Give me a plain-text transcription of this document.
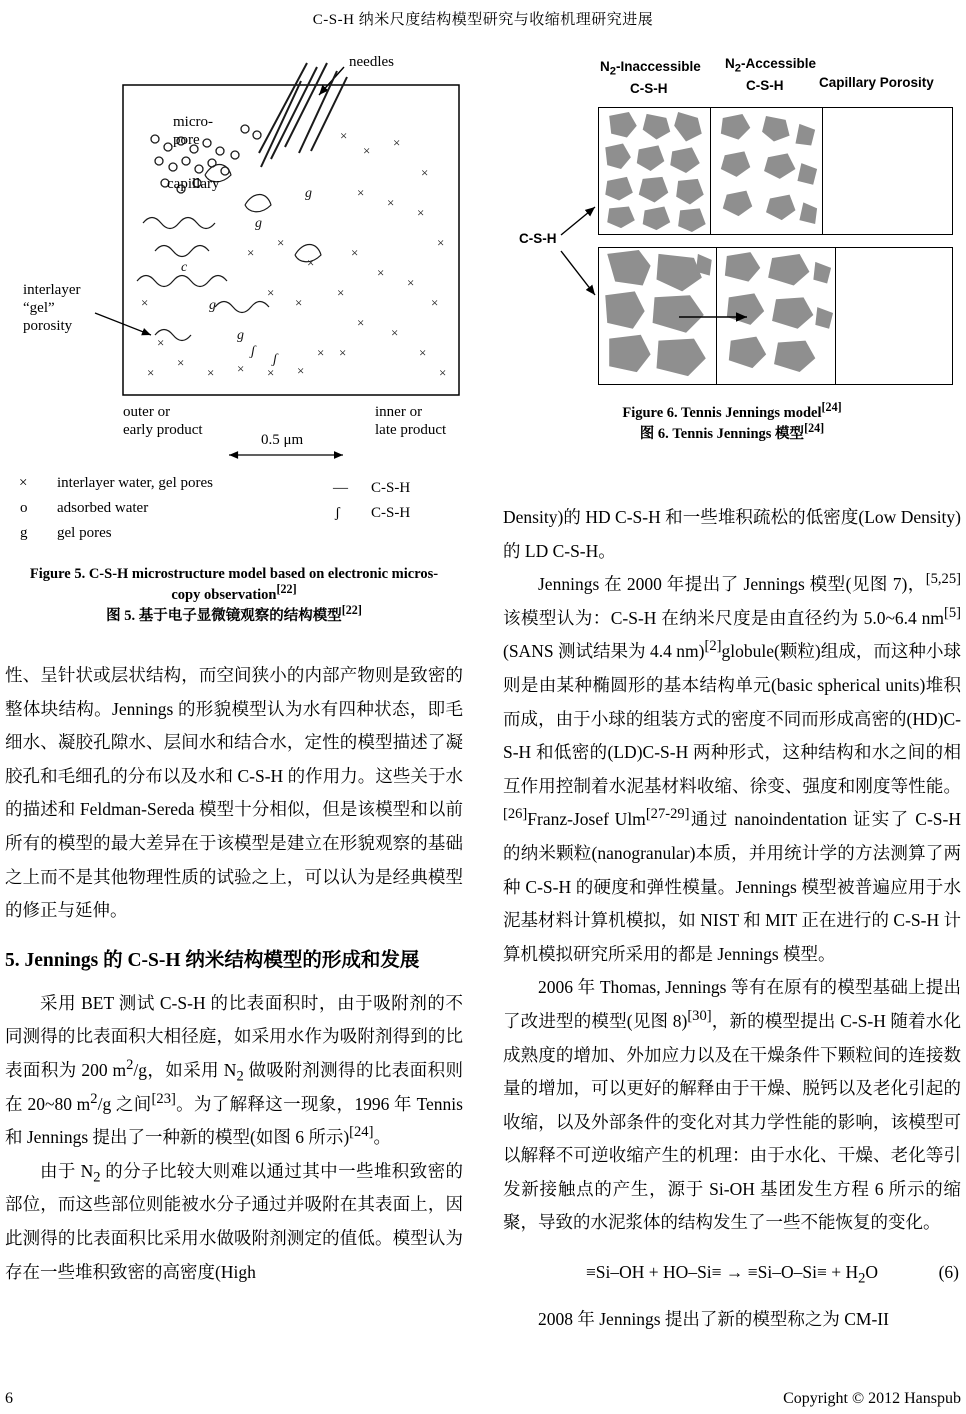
C-S-H 纳米尺度结构模型研究与收缩机理研究进展
×
×
×
×
×
×
×
×
×
×
×
×
×
×
×
×
×
×
×
×
×
×
× × × ×
×
×
×
×
×
×
g
g
g
g
c
ʃ
ʃ
needles
micro-
pore
capillary
interlayer
“gel”
porosity
outer or
early product
inner or
late product
0.5 μm
× interlayer water, gel pores
o adsorbed water
g gel pores
— C-S-H
ʃ C-S-H
Figure 5. C-S-H microstructure model based on electronic micros-
copy observation[22]
图 5. 基于电子显微镜观察的结构模型[22]

性、呈针状或层状结构，而空间狭小的内部产物则是致密的整体块结构。Jennings 的形貌模型认为水有四种状态，即毛细水、凝胶孔隙水、层间水和结合水，定性的模型描述了凝胶孔和毛细孔的分布以及水和 C-S-H 的作用力。这些关于水的描述和 Feldman-Sereda 模型十分相似，但是该模型和以前所有的模型的最大差异在于该模型是建立在形貌观察的基础之上而不是其他物理性质的试验之上，可以认为是经典模型的修正与延伸。

5. Jennings 的 C-S-H 纳米结构模型的形成和发展

采用 BET 测试 C-S-H 的比表面积时，由于吸附剂的不同测得的比表面积大相径庭，如采用水作为吸附剂得到的比表面积为 200 $m^2/g$，如采用 $N_2$ 做吸附剂测得的比表面积则在 20~80 $m^2/g$ 之间[23]。为了解释这一现象，1996 年 Tennis 和 Jennings 提出了一种新的模型(如图 6 所示)[24]。

由于 $N_2$ 的分子比较大则难以通过其中一些堆积致密的部位，而这些部位则能被水分子通过并吸附在其表面上，因此测得的比表面积比采用水做吸附剂测定的值低。模型认为存在一些堆积致密的高密度(High

$N_2$-Inaccessible
C-S-H
$N_2$-Accessible
C-S-H	Capillary Porosity
C-S-H
Figure 6. Tennis Jennings model[24]
图 6. Tennis Jennings 模型[24]

Density)的 HD C-S-H 和一些堆积疏松的低密度(Low Density)的 LD C-S-H。

Jennings 在 2000 年提出了 Jennings 模型(见图 7)，[5,25]该模型认为：C-S-H 在纳米尺度是由直径约为 5.0~6.4 nm[5](SANS 测试结果为 4.4 nm)[2]globule(颗粒)组成，而这种小球则是由某种椭圆形的基本结构单元(basic spherical units)堆积而成，由于小球的组装方式的密度不同而形成高密的(HD)C-S-H 和低密的(LD)C-S-H 两种形式，这种结构和水之间的相互作用控制着水泥基材料收缩、徐变、强度和刚度等性能。[26]Franz-Josef Ulm[27-29]通过 nanoindentation 证实了 C-S-H 的纳米颗粒(nanogranular)本质，并用统计学的方法测算了两种 C-S-H 的硬度和弹性模量。Jennings 模型被普遍应用于水泥基材料计算机模拟，如 NIST 和 MIT 正在进行的 C-S-H 计算机模拟研究所采用的都是 Jennings 模型。

2006 年 Thomas, Jennings 等有在原有的模型基础上提出了改进型的模型(见图 8)[30]，新的模型提出 C-S-H 随着水化成熟度的增加、外加应力以及在干燥条件下颗粒间的连接数量的增加，可以更好的解释由于干燥、脱钙以及老化引起的收缩，以及外部条件的变化对其力学性能的影响，该模型可以解释不可逆收缩产生的机理：由于水化、干燥、老化等引发新接触点的产生，源于 Si-OH 基团发生方程 6 所示的缩聚，导致的水泥浆体的结构发生了一些不能恢复的变化。

$\equiv Si-OH + HO-Si\equiv \to \equiv Si-O-Si\equiv + H_2O$	(6)

2008 年 Jennings 提出了新的模型称之为 CM-II

6	Copyright © 2012 Hanspub
